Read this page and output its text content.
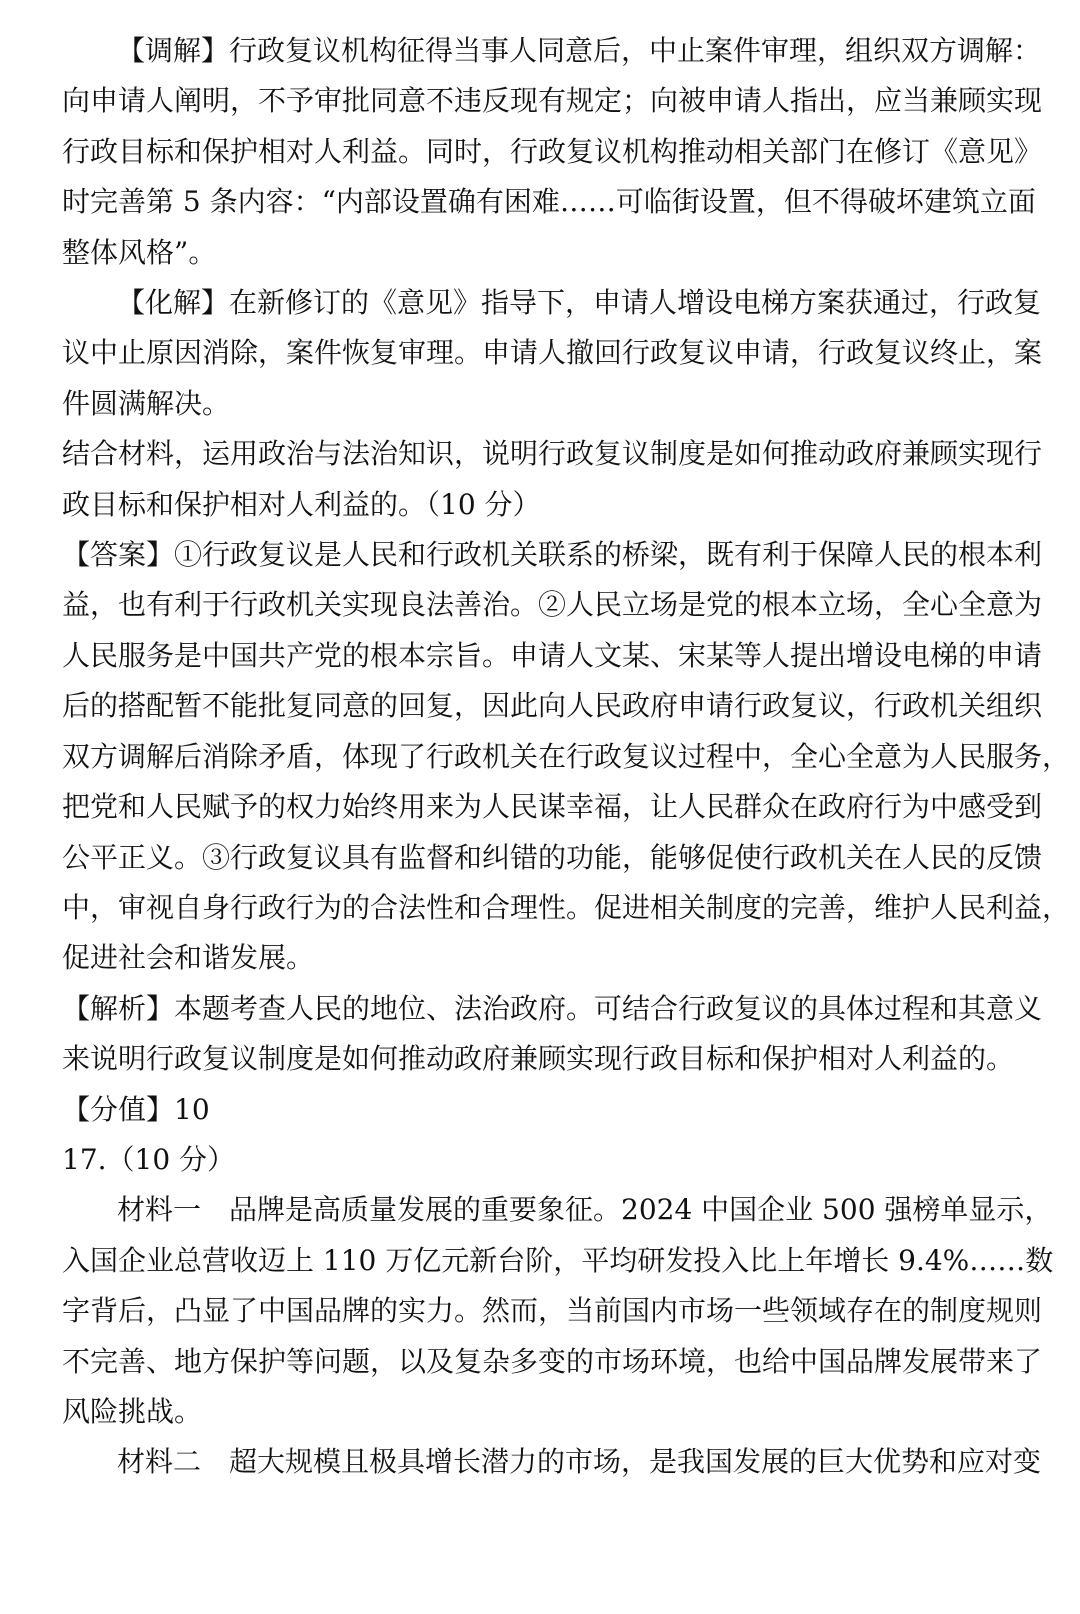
【调解】行政复议机构征得当事人同意后，中止案件审理，组织双方调解：

向申请人阐明，不予审批同意不违反现有规定；向被申请人指出，应当兼顾实现

行政目标和保护相对人利益。同时，行政复议机构推动相关部门在修订《意见》

时完善第 5 条内容：“内部设置确有困难……可临街设置，但不得破坏建筑立面

整体风格”。

【化解】在新修订的《意见》指导下，申请人增设电梯方案获通过，行政复

议中止原因消除，案件恢复审理。申请人撤回行政复议申请，行政复议终止，案

件圆满解决。

结合材料，运用政治与法治知识，说明行政复议制度是如何推动政府兼顾实现行

政目标和保护相对人利益的。（10 分）

【答案】①行政复议是人民和行政机关联系的桥梁，既有利于保障人民的根本利

益，也有利于行政机关实现良法善治。②人民立场是党的根本立场，全心全意为

人民服务是中国共产党的根本宗旨。申请人文某、宋某等人提出增设电梯的申请

后的搭配暂不能批复同意的回复，因此向人民政府申请行政复议，行政机关组织

双方调解后消除矛盾，体现了行政机关在行政复议过程中，全心全意为人民服务，

把党和人民赋予的权力始终用来为人民谋幸福，让人民群众在政府行为中感受到

公平正义。③行政复议具有监督和纠错的功能，能够促使行政机关在人民的反馈

中，审视自身行政行为的合法性和合理性。促进相关制度的完善，维护人民利益，

促进社会和谐发展。

【解析】本题考查人民的地位、法治政府。可结合行政复议的具体过程和其意义

来说明行政复议制度是如何推动政府兼顾实现行政目标和保护相对人利益的。

【分值】10

17.（10 分）

材料一　品牌是高质量发展的重要象征。2024 中国企业 500 强榜单显示，

入国企业总营收迈上 110 万亿元新台阶，平均研发投入比上年增长 9.4%……数

字背后，凸显了中国品牌的实力。然而，当前国内市场一些领域存在的制度规则

不完善、地方保护等问题，以及复杂多变的市场环境，也给中国品牌发展带来了

风险挑战。

材料二　超大规模且极具增长潜力的市场，是我国发展的巨大优势和应对变
